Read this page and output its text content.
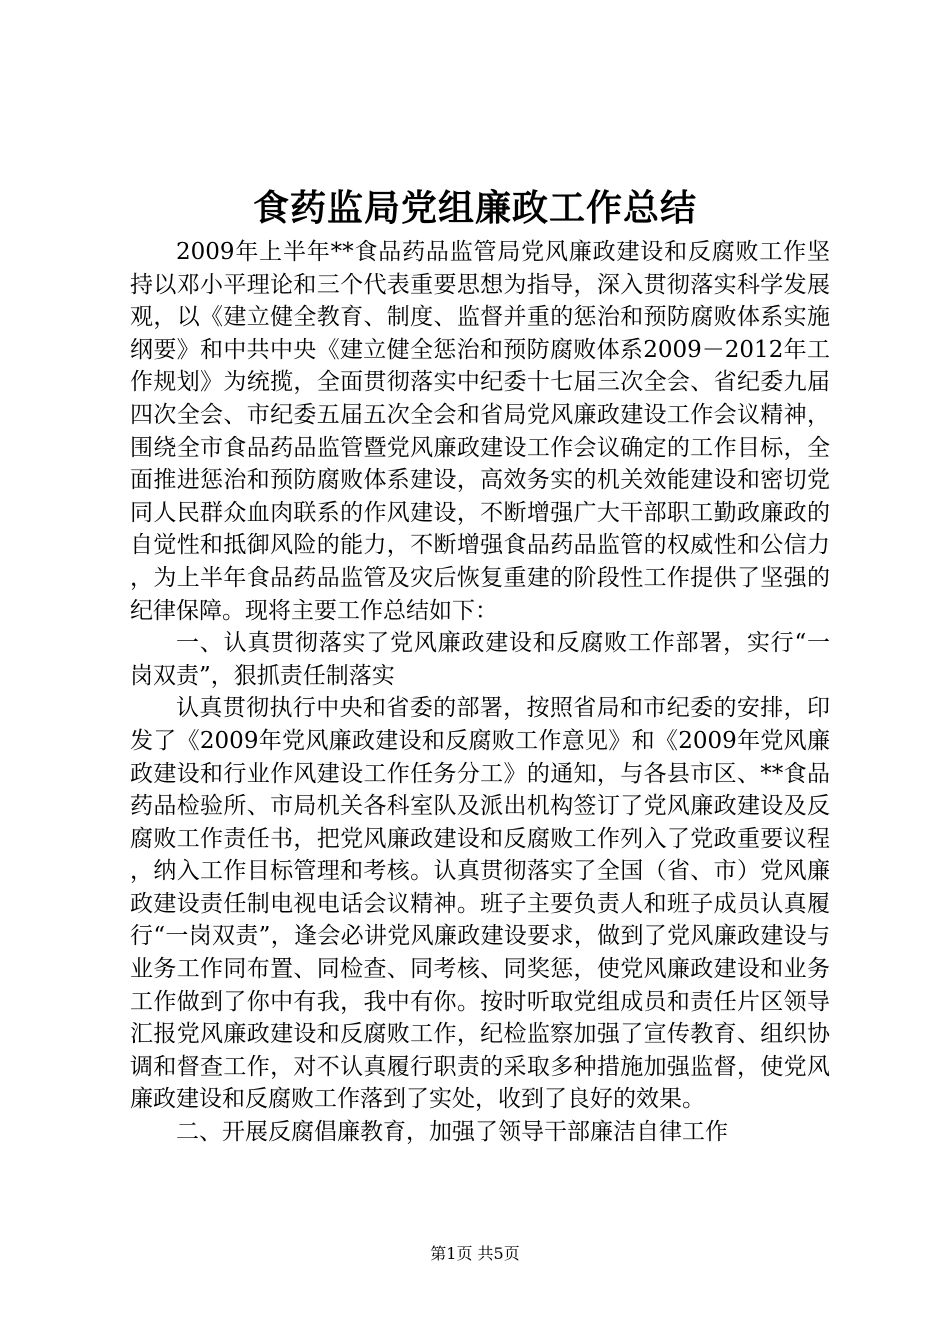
食药监局党组廉政工作总结

2009年上半年**食品药品监管局党风廉政建设和反腐败工作坚持以邓小平理论和三个代表重要思想为指导，深入贯彻落实科学发展观，以《建立健全教育、制度、监督并重的惩治和预防腐败体系实施纲要》和中共中央《建立健全惩治和预防腐败体系2009－2012年工作规划》为统揽，全面贯彻落实中纪委十七届三次全会、省纪委九届四次全会、市纪委五届五次全会和省局党风廉政建设工作会议精神，围绕全市食品药品监管暨党风廉政建设工作会议确定的工作目标，全面推进惩治和预防腐败体系建设，高效务实的机关效能建设和密切党同人民群众血肉联系的作风建设，不断增强广大干部职工勤政廉政的自觉性和抵御风险的能力，不断增强食品药品监管的权威性和公信力，为上半年食品药品监管及灾后恢复重建的阶段性工作提供了坚强的纪律保障。现将主要工作总结如下：

一、认真贯彻落实了党风廉政建设和反腐败工作部署，实行“一岗双责”，狠抓责任制落实

认真贯彻执行中央和省委的部署，按照省局和市纪委的安排，印发了《2009年党风廉政建设和反腐败工作意见》和《2009年党风廉政建设和行业作风建设工作任务分工》的通知，与各县市区、**食品药品检验所、市局机关各科室队及派出机构签订了党风廉政建设及反腐败工作责任书，把党风廉政建设和反腐败工作列入了党政重要议程，纳入工作目标管理和考核。认真贯彻落实了全国（省、市）党风廉政建设责任制电视电话会议精神。班子主要负责人和班子成员认真履行“一岗双责”，逢会必讲党风廉政建设要求，做到了党风廉政建设与业务工作同布置、同检查、同考核、同奖惩，使党风廉政建设和业务工作做到了你中有我，我中有你。按时听取党组成员和责任片区领导汇报党风廉政建设和反腐败工作，纪检监察加强了宣传教育、组织协调和督查工作，对不认真履行职责的采取多种措施加强监督，使党风廉政建设和反腐败工作落到了实处，收到了良好的效果。

二、开展反腐倡廉教育，加强了领导干部廉洁自律工作

第1页 共5页
